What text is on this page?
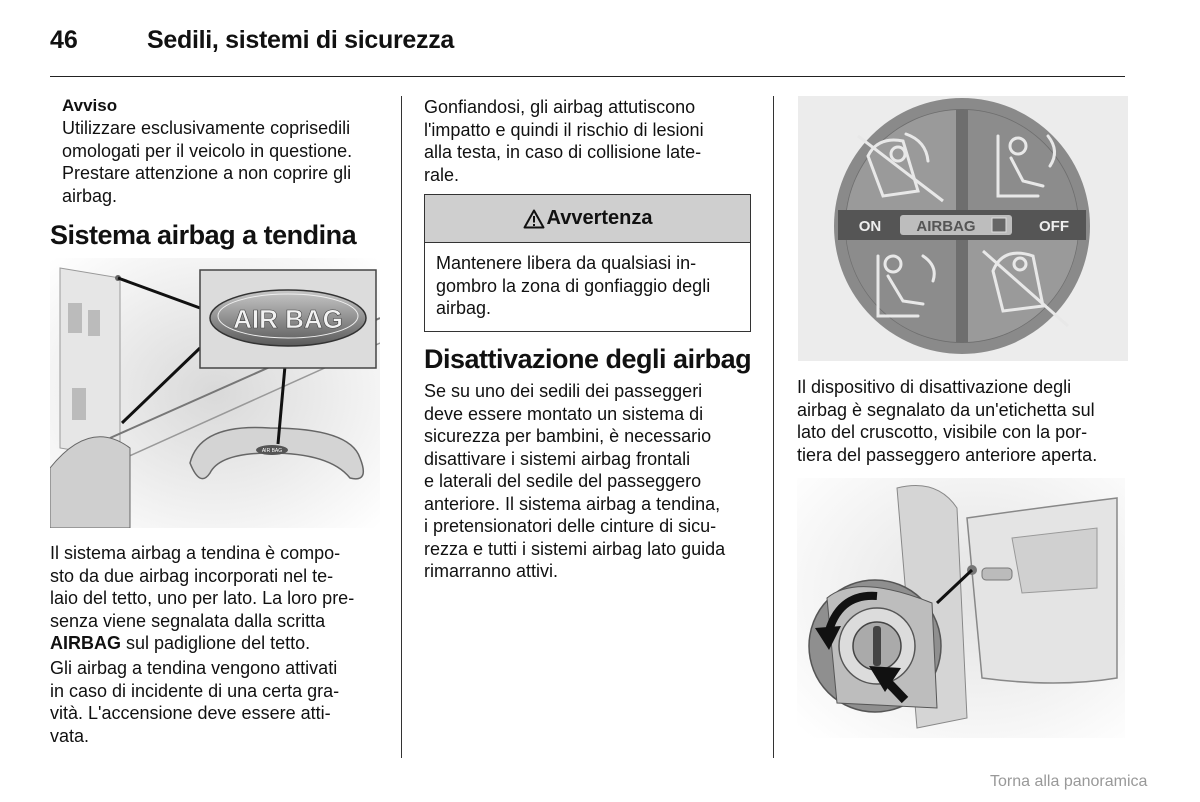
46	Sedili, sistemi di sicurezza
Avviso

Utilizzare esclusivamente coprisedili

omologati per il veicolo in questione.

Prestare attenzione a non coprire gli

airbag.

Sistema airbag a tendina
AIR BAG
AIR BAG

Il sistema airbag a tendina è compo-

sto da due airbag incorporati nel te-

laio del tetto, uno per lato. La loro pre-

senza viene segnalata dalla scritta

AIRBAG sul padiglione del tetto.

Gli airbag a tendina vengono attivati

in caso di incidente di una certa gra-

vità. L'accensione deve essere atti-

vata.

Gonfiandosi, gli airbag attutiscono

l'impatto e quindi il rischio di lesioni

alla testa, in caso di collisione late-

rale.

Avvertenza

Mantenere libera da qualsiasi in-

gombro la zona di gonfiaggio degli

airbag.

Disattivazione degli airbag

Se su uno dei sedili dei passeggeri

deve essere montato un sistema di

sicurezza per bambini, è necessario

disattivare i sistemi airbag frontali

e laterali del sedile del passeggero

anteriore. Il sistema airbag a tendina,

i pretensionatori delle cinture di sicu-

rezza e tutti i sistemi airbag lato guida

rimarranno attivi.

ON AIRBAG	OFF

Il dispositivo di disattivazione degli

airbag è segnalato da un'etichetta sul

lato del cruscotto, visibile con la por-

tiera del passeggero anteriore aperta.

Torna alla panoramica
